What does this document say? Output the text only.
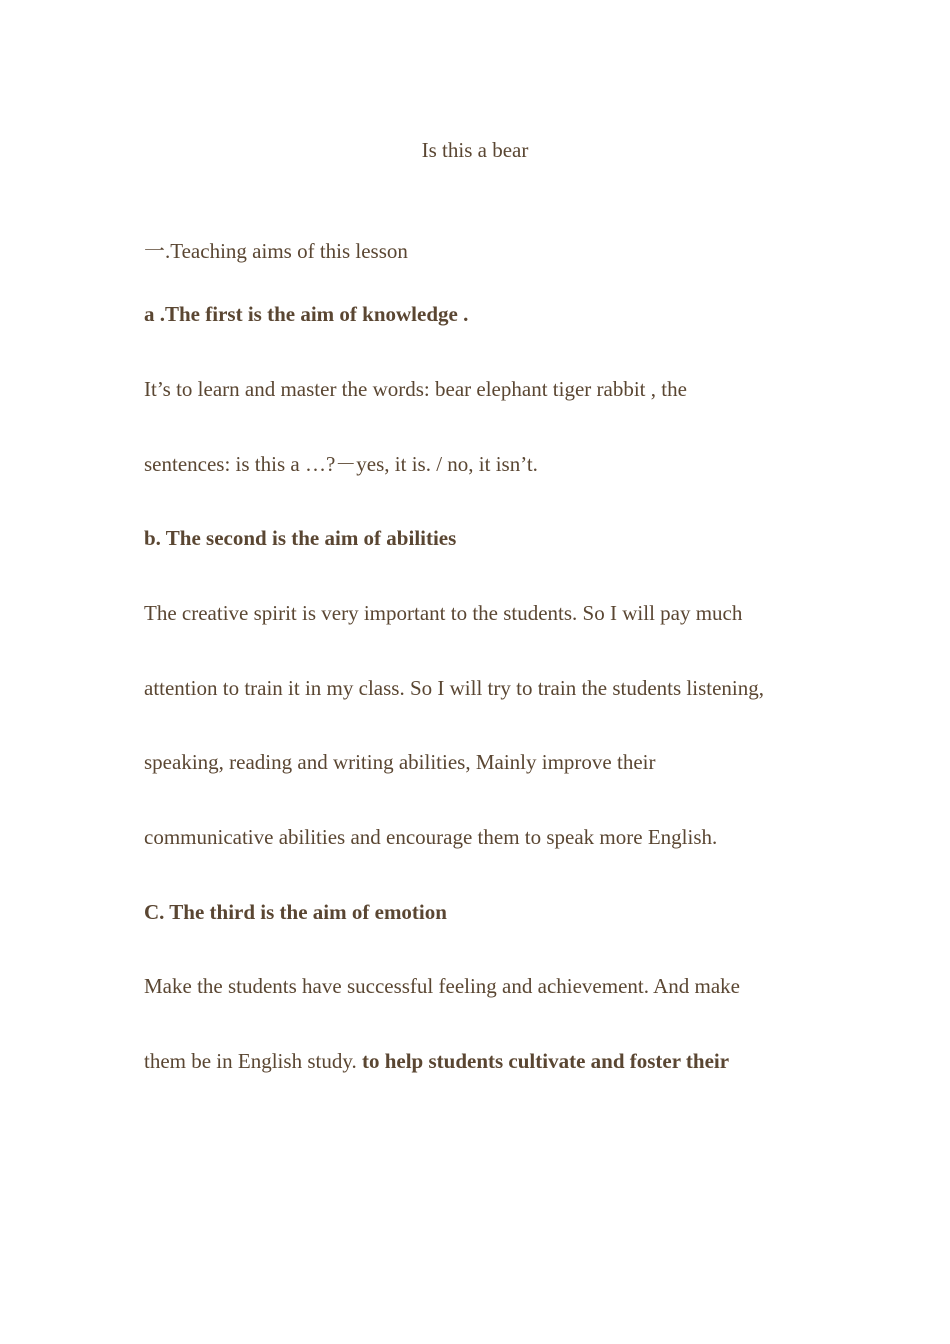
Is this a bear
一.Teaching aims of this lesson
a .The first is the aim of knowledge .
It’s to learn and master the words: bear elephant tiger rabbit , the
sentences: is this a …?－yes, it is. / no, it isn’t.
b. The second is the aim of abilities
The creative spirit is very important to the students. So I will pay much
attention to train it in my class. So I will try to train the students listening,
speaking, reading and writing abilities, Mainly improve their
communicative abilities and encourage them to speak more English.
C. The third is the aim of emotion
Make the students have successful feeling and achievement. And make
them be in English study. to help students cultivate and foster their
